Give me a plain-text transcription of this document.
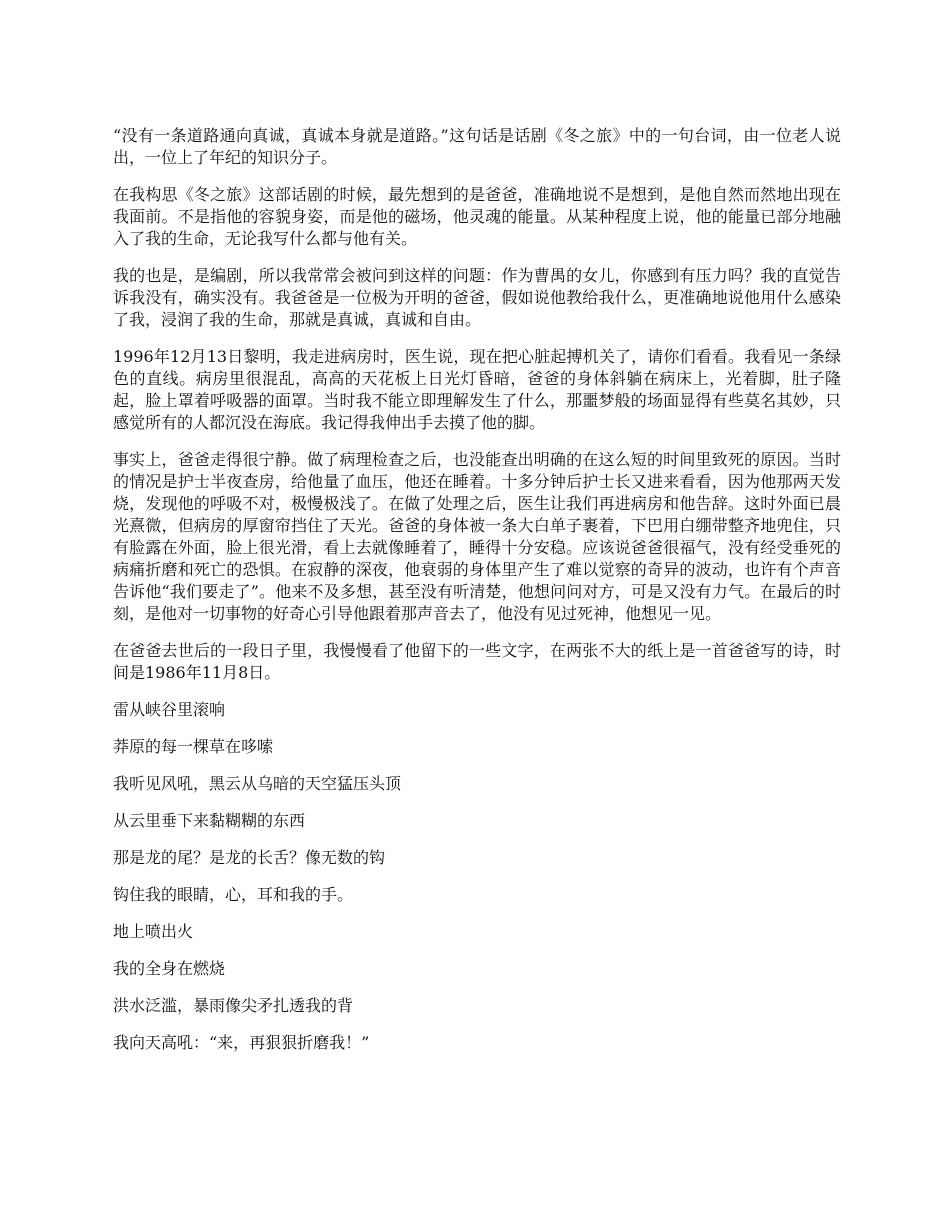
“没有一条道路通向真诚，真诚本身就是道路。”这句话是话剧《冬之旅》中的一句台词，由一位老人说出，一位上了年纪的知识分子。

在我构思《冬之旅》这部话剧的时候，最先想到的是爸爸，准确地说不是想到，是他自然而然地出现在我面前。不是指他的容貌身姿，而是他的磁场，他灵魂的能量。从某种程度上说，他的能量已部分地融入了我的生命，无论我写什么都与他有关。

我的也是，是编剧，所以我常常会被问到这样的问题：作为曹禺的女儿，你感到有压力吗？我的直觉告诉我没有，确实没有。我爸爸是一位极为开明的爸爸，假如说他教给我什么，更准确地说他用什么感染了我，浸润了我的生命，那就是真诚，真诚和自由。

1996年12月13日黎明，我走进病房时，医生说，现在把心脏起搏机关了，请你们看看。我看见一条绿色的直线。病房里很混乱，高高的天花板上日光灯昏暗，爸爸的身体斜躺在病床上，光着脚，肚子隆起，脸上罩着呼吸器的面罩。当时我不能立即理解发生了什么，那噩梦般的场面显得有些莫名其妙，只感觉所有的人都沉没在海底。我记得我伸出手去摸了他的脚。

事实上，爸爸走得很宁静。做了病理检查之后，也没能查出明确的在这么短的时间里致死的原因。当时的情况是护士半夜查房，给他量了血压，他还在睡着。十多分钟后护士长又进来看看，因为他那两天发烧，发现他的呼吸不对，极慢极浅了。在做了处理之后，医生让我们再进病房和他告辞。这时外面已晨光熹微，但病房的厚窗帘挡住了天光。爸爸的身体被一条大白单子裹着，下巴用白绷带整齐地兜住，只有脸露在外面，脸上很光滑，看上去就像睡着了，睡得十分安稳。应该说爸爸很福气，没有经受垂死的病痛折磨和死亡的恐惧。在寂静的深夜，他衰弱的身体里产生了难以觉察的奇异的波动，也许有个声音告诉他“我们要走了”。他来不及多想，甚至没有听清楚，他想问问对方，可是又没有力气。在最后的时刻，是他对一切事物的好奇心引导他跟着那声音去了，他没有见过死神，他想见一见。

在爸爸去世后的一段日子里，我慢慢看了他留下的一些文字，在两张不大的纸上是一首爸爸写的诗，时间是1986年11月8日。

雷从峡谷里滚响

莽原的每一棵草在哆嗦

我听见风吼，黑云从乌暗的天空猛压头顶

从云里垂下来黏糊糊的东西

那是龙的尾？是龙的长舌？像无数的钩

钩住我的眼睛，心，耳和我的手。

地上喷出火

我的全身在燃烧

洪水泛滥，暴雨像尖矛扎透我的背

我向天高吼：“来，再狠狠折磨我！”
